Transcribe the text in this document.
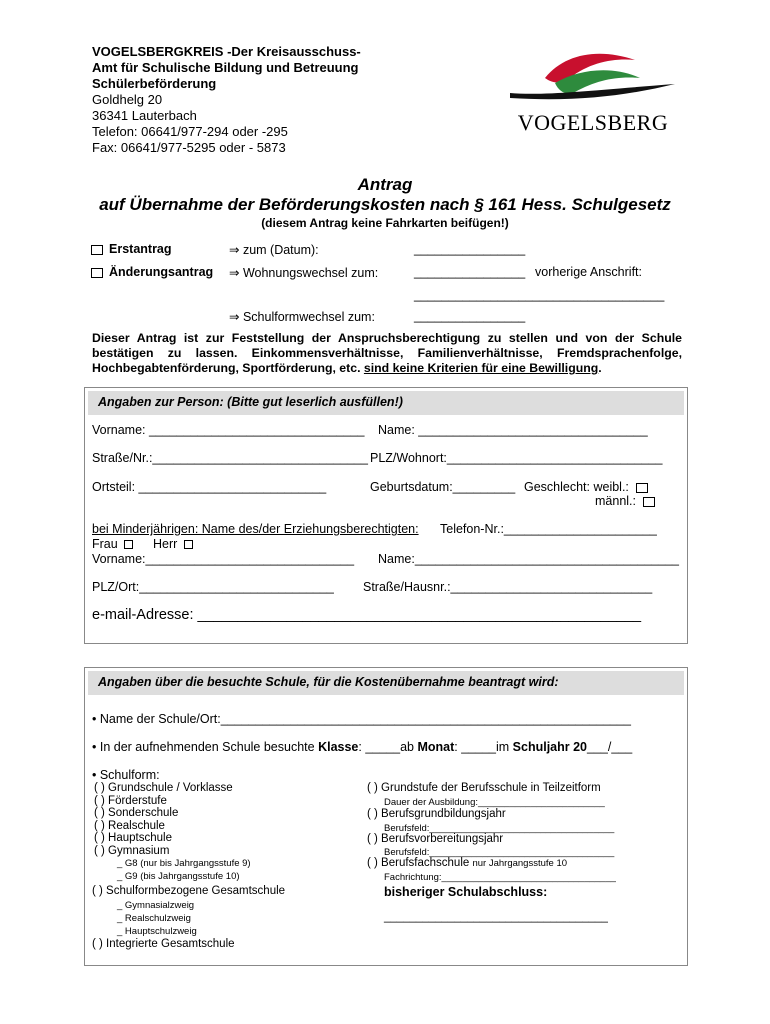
VOGELSBERGKREIS -Der Kreisausschuss-
Amt für Schulische Bildung und Betreuung
Schülerbeförderung
Goldhelg 20
36341 Lauterbach
Telefon: 06641/977-294 oder -295
Fax: 06641/977-5295 oder - 5873
VOGELSBERG
Antrag
auf Übernahme der Beförderungskosten nach § 161 Hess. Schulgesetz
(diesem Antrag keine Fahrkarten beifügen!)
Erstantrag	⇒ zum (Datum):	________________
Änderungsantrag ⇒ Wohnungswechsel zum:	________________ vorherige Anschrift:
____________________________________
⇒ Schulformwechsel zum:	________________
Dieser Antrag ist zur Feststellung der Anspruchsberechtigung zu stellen und von der Schule bestätigen zu lassen. Einkommensverhältnisse, Familienverhältnisse, Fremdsprachenfolge, Hochbegabtenförderung, Sportförderung, etc. sind keine Kriterien für eine Bewilligung.
Angaben zur Person: (Bitte gut leserlich ausfüllen!)
Vorname: _______________________________ Name: _________________________________
Straße/Nr.:_______________________________ PLZ/Wohnort:_______________________________
Ortsteil: ___________________________	Geburtsdatum:_________ Geschlecht: weibl.:
männl.:
bei Minderjährigen: Name des/der Erziehungsberechtigten: Telefon-Nr.:______________________
Frau	Herr
Vorname:______________________________ Name:______________________________________
PLZ/Ort:____________________________ Straße/Hausnr.:_____________________________
e-mail-Adresse: _______________________________________________________
Angaben über die besuchte Schule, für die Kostenübernahme beantragt wird:
• Name der Schule/Ort:___________________________________________________________
• In der aufnehmenden Schule besuchte Klasse: _____ab Monat: _____im Schuljahr 20___/___
• Schulform:
( ) Grundschule / Vorklasse
( ) Förderstufe
( ) Sonderschule
( ) Realschule
( ) Hauptschule
( ) Gymnasium
_ G8 (nur bis Jahrgangsstufe 9)
_ G9 (bis Jahrgangsstufe 10)
( ) Schulformbezogene Gesamtschule
_ Gymnasialzweig
_ Realschulzweig
_ Hauptschulzweig
( ) Integrierte Gesamtschule
( ) Grundstufe der Berufsschule in Teilzeitform
Dauer der Ausbildung:________________________
( ) Berufsgrundbildungsjahr
Berufsfeld:___________________________________
( ) Berufsvorbereitungsjahr
Berufsfeld:___________________________________
( ) Berufsfachschule nur Jahrgangsstufe 10
Fachrichtung:_________________________________
bisheriger Schulabschluss:
___________________________________
